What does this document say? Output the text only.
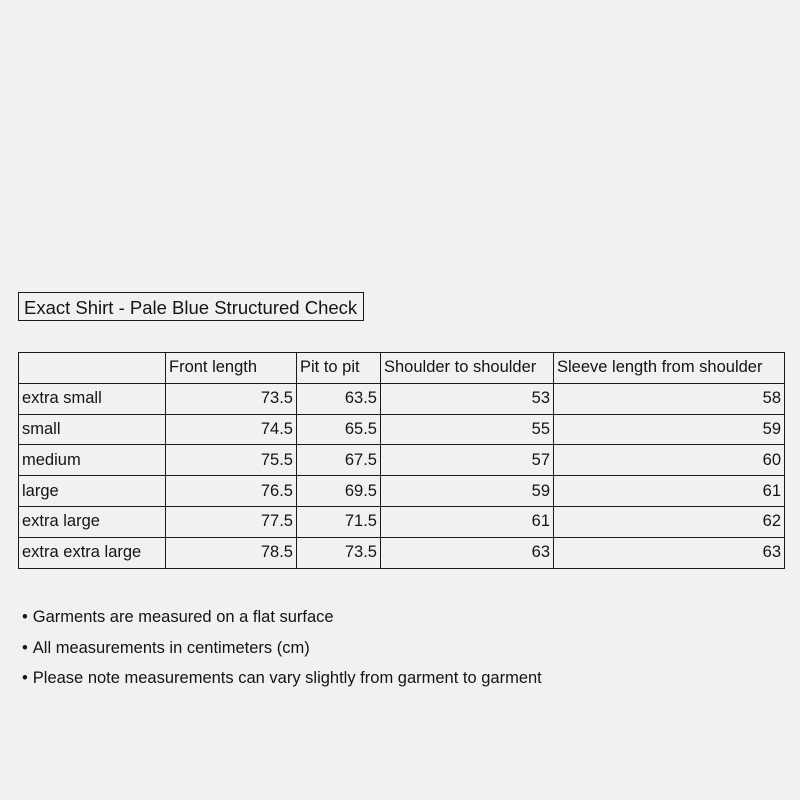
Exact Shirt - Pale Blue Structured Check
	Front length	Pit to pit	Shoulder to shoulder	Sleeve length from shoulder
extra small	73.5	63.5	53	58
small	74.5	65.5	55	59
medium	75.5	67.5	57	60
large	76.5	69.5	59	61
extra large	77.5	71.5	61	62
extra extra large	78.5	73.5	63	63
• Garments are measured on a flat surface
• All measurements in centimeters (cm)
• Please note measurements can vary slightly from garment to garment
